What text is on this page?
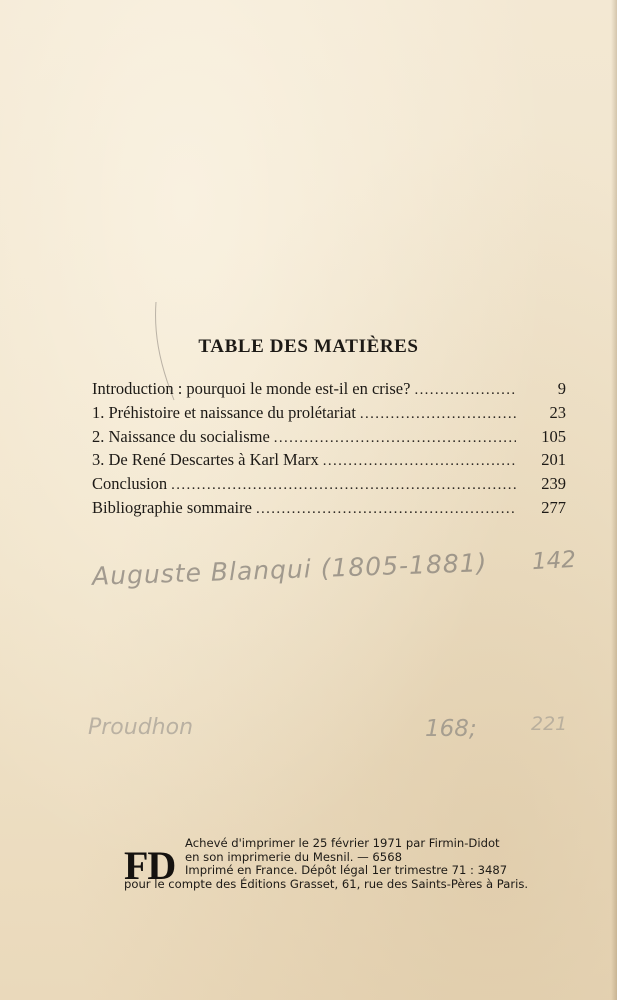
TABLE DES MATIÈRES
Introduction : pourquoi le monde est-il en crise? . . .	9
1. Préhistoire et naissance du prolétariat . . .	23
2. Naissance du socialisme . . .	105
3. De René Descartes à Karl Marx . . .	201
Conclusion . . .	239
Bibliographie sommaire . . .	277
Auguste Blanqui (1805-1881) 142
Proudhon	168;	221
FD Achevé d'imprimer le 25 février 1971 par Firmin-Didot
en son imprimerie du Mesnil. — 6568
Imprimé en France. Dépôt légal 1er trimestre 71 : 3487
pour le compte des Éditions Grasset, 61, rue des Saints-Pères à Paris.
